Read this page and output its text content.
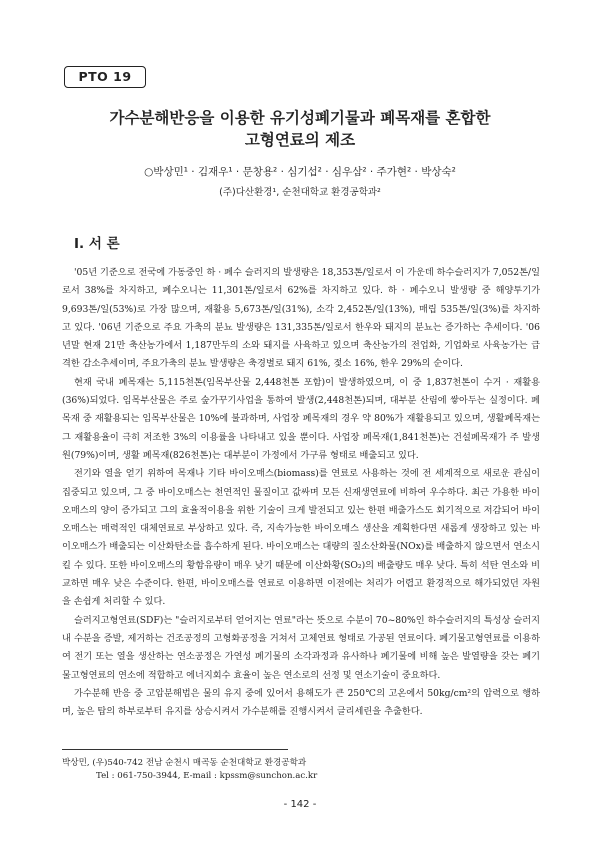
PTO 19
가수분해반응을 이용한 유기성폐기물과 폐목재를 혼합한
고형연료의 제조
○박상민¹ · 김재우¹ · 문창용² · 심기섭² · 심우삼² · 주가현² · 박상숙²
(주)다산환경¹, 순천대학교 환경공학과²
I. 서 론

'05년 기준으로 전국에 가동중인 하 · 폐수 슬러지의 발생량은 18,353톤/일로서 이 가운데 하수슬러지가 7,052톤/일로서 38%를 차지하고, 폐수오니는 11,301톤/일로서 62%를 차지하고 있다. 하 · 폐수오니 발생량 중 해양투기가 9,693톤/일(53%)로 가장 많으며, 재활용 5,673톤/일(31%), 소각 2,452톤/일(13%), 매립 535톤/일(3%)를 차지하고 있다. '06년 기준으로 주요 가축의 분뇨 발생량은 131,335톤/일로서 한우와 돼지의 분뇨는 증가하는 추세이다. '06년말 현재 21만 축산농가에서 1,187만두의 소와 돼지를 사육하고 있으며 축산농가의 전업화, 기업화로 사육농가는 급격한 감소추세이며, 주요가축의 분뇨 발생량은 축경별로 돼지 61%, 젖소 16%, 한우 29%의 순이다.

현재 국내 폐목재는 5,115천톤(임목부산물 2,448천톤 포함)이 발생하였으며, 이 중 1,837천톤이 수거 · 재활용(36%)되었다. 임목부산물은 주로 숲가꾸기사업을 통하여 발생(2,448천톤)되며, 대부분 산림에 쌓아두는 실정이다. 폐목재 중 재활용되는 임목부산물은 10%에 불과하며, 사업장 폐목재의 경우 약 80%가 재활용되고 있으며, 생활폐목재는 그 재활용율이 극히 저조한 3%의 이용률을 나타내고 있을 뿐이다. 사업장 폐목재(1,841천톤)는 건설폐목재가 주 발생원(79%)이며, 생활 폐목재(826천톤)는 대부분이 가정에서 가구류 형태로 배출되고 있다.

전기와 열을 얻기 위하여 목재나 기타 바이오매스(biomass)를 연료로 사용하는 것에 전 세계적으로 새로운 관심이 집중되고 있으며, 그 중 바이오매스는 천연적인 물질이고 값싸며 모든 신재생연료에 비하여 우수하다. 최근 가용한 바이오매스의 양이 증가되고 그의 효율적이용을 위한 기술이 크게 발전되고 있는 한편 배출가스도 회기적으로 저감되어 바이오매스는 매력적인 대체연료로 부상하고 있다. 즉, 지속가능한 바이오매스 생산을 계획한다면 새롭게 생장하고 있는 바이오매스가 배출되는 이산화탄소를 흡수하게 된다. 바이오매스는 대량의 질소산화물(NOx)를 배출하지 않으면서 연소시킬 수 있다. 또한 바이오매스의 황함유량이 매우 낮기 때문에 이산화황(SO₂)의 배출량도 매우 낮다. 특히 석탄 연소와 비교하면 매우 낮은 수준이다. 한편, 바이오매스를 연료로 이용하면 이전에는 처리가 어렵고 환경적으로 해가되었던 자원을 손쉽게 처리할 수 있다.

슬러지고형연료(SDF)는 "슬러지로부터 얻어지는 연료"라는 뜻으로 수분이 70~80%인 하수슬러지의 특성상 슬러지내 수분을 증발, 제거하는 건조공정의 고형화공정을 거쳐서 고체연료 형태로 가공된 연료이다. 폐기물고형연료를 이용하여 전기 또는 열을 생산하는 연소공정은 가연성 폐기물의 소각과정과 유사하나 폐기물에 비해 높은 발열량을 갖는 폐기물고형연료의 연소에 적합하고 에너지회수 효율이 높은 연소로의 선정 및 연소기술이 중요하다.

가수분해 반응 중 고압분해법은 물의 유지 중에 있어서 용해도가 큰 250℃의 고온에서 50kg/cm²의 압력으로 행하며, 높은 탑의 하부로부터 유지를 상승시켜서 가수분해를 진행시켜서 글리세린을 추출한다.

박상민, (우)540-742 전남 순천시 매곡동 순천대학교 환경공학과
Tel : 061-750-3944, E-mail : kpssm@sunchon.ac.kr
- 142 -
